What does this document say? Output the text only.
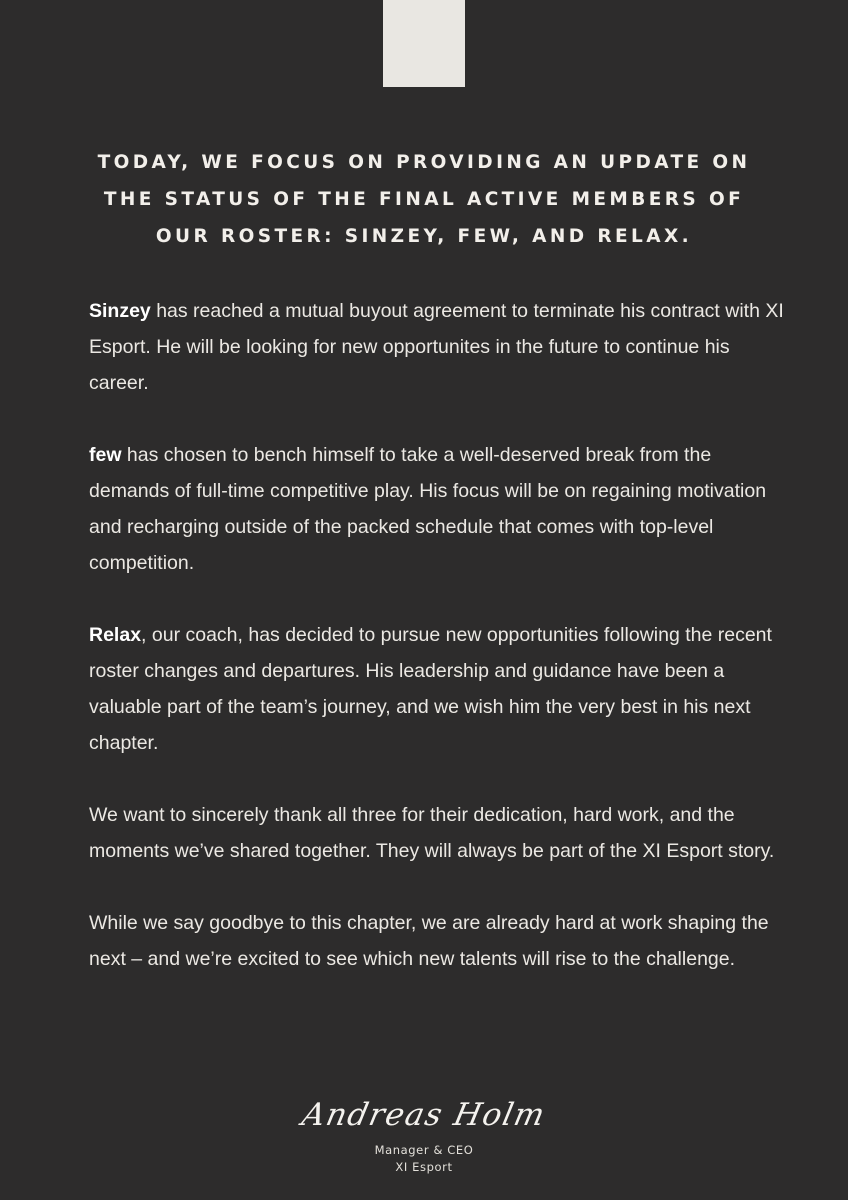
TODAY, WE FOCUS ON PROVIDING AN UPDATE ON
THE STATUS OF THE FINAL ACTIVE MEMBERS OF
OUR ROSTER: SINZEY, FEW, AND RELAX.

Sinzey has reached a mutual buyout agreement to terminate his contract with XI Esport. He will be looking for new opportunites in the future to continue his career.

few has chosen to bench himself to take a well-deserved break from the demands of full-time competitive play. His focus will be on regaining motivation and recharging outside of the packed schedule that comes with top-level competition.

Relax, our coach, has decided to pursue new opportunities following the recent roster changes and departures. His leadership and guidance have been a valuable part of the team’s journey, and we wish him the very best in his next chapter.

We want to sincerely thank all three for their dedication, hard work, and the moments we’ve shared together. They will always be part of the XI Esport story.

While we say goodbye to this chapter, we are already hard at work shaping the next – and we’re excited to see which new talents will rise to the challenge.

Andreas Holm
Manager & CEO
XI Esport
